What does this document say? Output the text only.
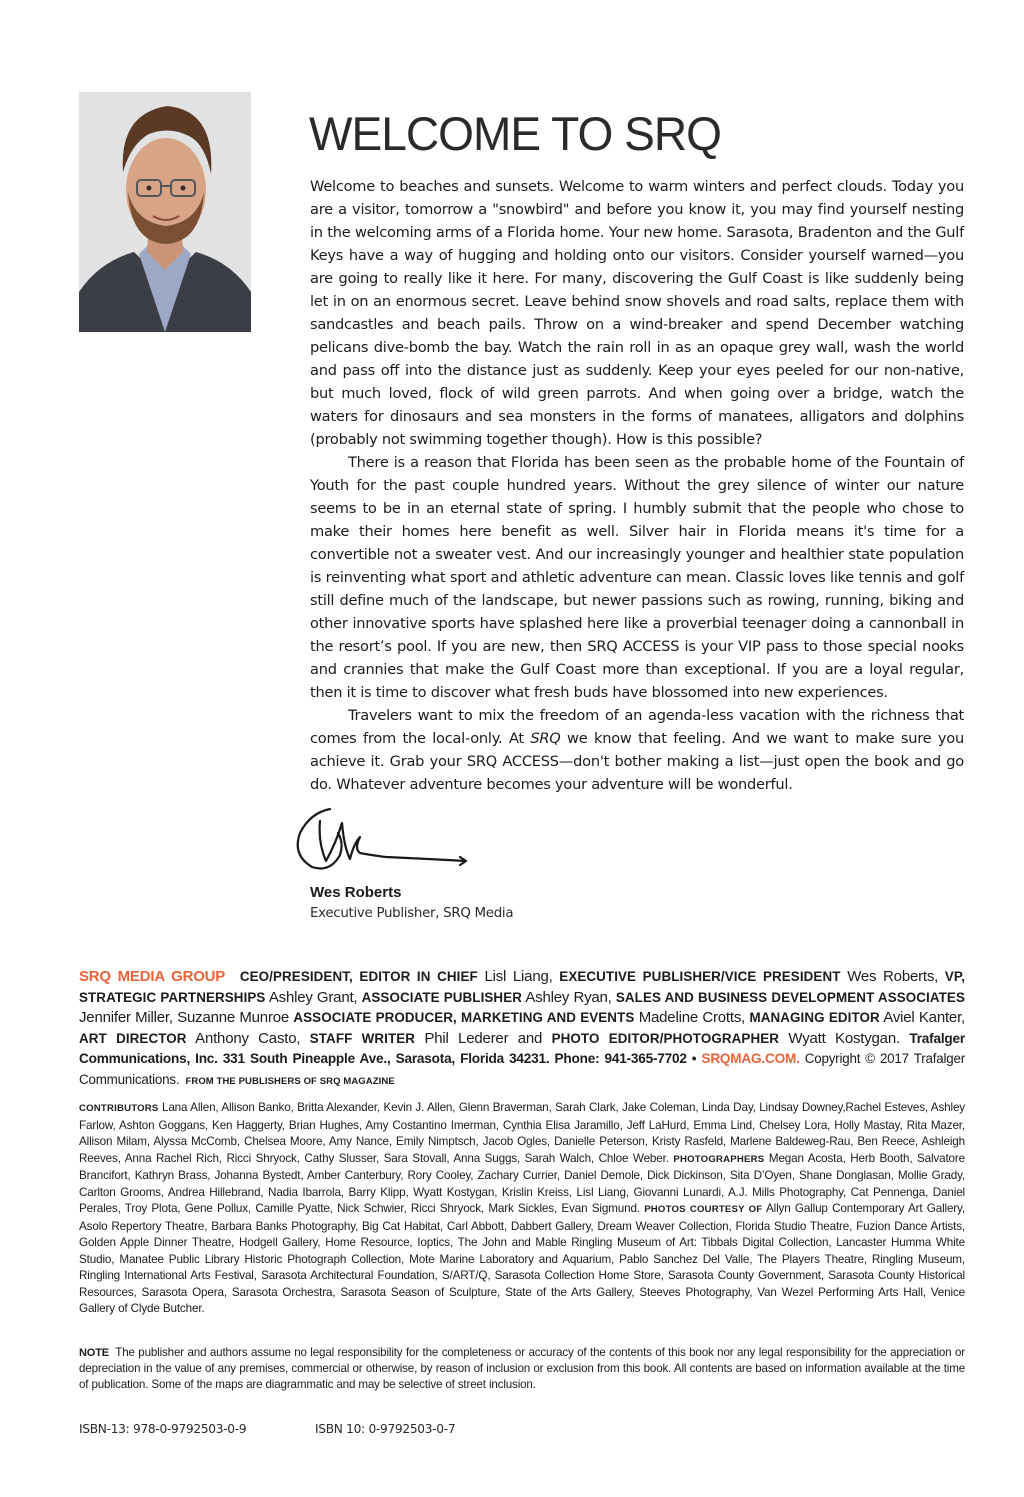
WELCOME TO SRQ

Welcome to beaches and sunsets. Welcome to warm winters and perfect clouds. Today you are a visitor, tomorrow a "snowbird" and before you know it, you may find yourself nesting in the welcoming arms of a Florida home. Your new home. Sarasota, Bradenton and the Gulf Keys have a way of hugging and holding onto our visitors. Consider yourself warned—you are going to really like it here. For many, discovering the Gulf Coast is like suddenly being let in on an enormous secret. Leave behind snow shovels and road salts, replace them with sandcastles and beach pails. Throw on a wind-breaker and spend December watching pelicans dive-bomb the bay. Watch the rain roll in as an opaque grey wall, wash the world and pass off into the distance just as suddenly. Keep your eyes peeled for our non-native, but much loved, flock of wild green parrots. And when going over a bridge, watch the waters for dinosaurs and sea monsters in the forms of manatees, alligators and dolphins (probably not swimming together though). How is this possible?

There is a reason that Florida has been seen as the probable home of the Fountain of Youth for the past couple hundred years. Without the grey silence of winter our nature seems to be in an eternal state of spring. I humbly submit that the people who chose to make their homes here benefit as well. Silver hair in Florida means it's time for a convertible not a sweater vest. And our increasingly younger and healthier state population is reinventing what sport and athletic adventure can mean. Classic loves like tennis and golf still define much of the landscape, but newer passions such as rowing, running, biking and other innovative sports have splashed here like a proverbial teenager doing a cannonball in the resort’s pool. If you are new, then SRQ ACCESS is your VIP pass to those special nooks and crannies that make the Gulf Coast more than exceptional. If you are a loyal regular, then it is time to discover what fresh buds have blossomed into new experiences.

Travelers want to mix the freedom of an agenda-less vacation with the richness that comes from the local-only. At SRQ we know that feeling. And we want to make sure you achieve it. Grab your SRQ ACCESS—don't bother making a list—just open the book and go do. Whatever adventure becomes your adventure will be wonderful.

Wes Roberts
Executive Publisher, SRQ Media
SRQ MEDIA GROUP CEO/PRESIDENT, EDITOR IN CHIEF Lisl Liang, EXECUTIVE PUBLISHER/VICE PRESIDENT Wes Roberts, VP, STRATEGIC PARTNERSHIPS Ashley Grant, ASSOCIATE PUBLISHER Ashley Ryan, SALES AND BUSINESS DEVELOPMENT ASSOCIATES Jennifer Miller, Suzanne Munroe ASSOCIATE PRODUCER, MARKETING AND EVENTS Madeline Crotts, MANAGING EDITOR Aviel Kanter, ART DIRECTOR Anthony Casto, STAFF WRITER Phil Lederer and PHOTO EDITOR/PHOTOGRAPHER Wyatt Kostygan. Trafalger Communications, Inc. 331 South Pineapple Ave., Sarasota, Florida 34231. Phone: 941-365-7702 • SRQMAG.COM. Copyright © 2017 Trafalger Communications. FROM THE PUBLISHERS OF SRQ MAGAZINE
CONTRIBUTORS Lana Allen, Allison Banko, Britta Alexander, Kevin J. Allen, Glenn Braverman, Sarah Clark, Jake Coleman, Linda Day, Lindsay Downey,Rachel Esteves, Ashley Farlow, Ashton Goggans, Ken Haggerty, Brian Hughes, Amy Costantino Imerman, Cynthia Elisa Jaramillo, Jeff LaHurd, Emma Lind, Chelsey Lora, Holly Mastay, Rita Mazer, Allison Milam, Alyssa McComb, Chelsea Moore, Amy Nance, Emily Nimptsch, Jacob Ogles, Danielle Peterson, Kristy Rasfeld, Marlene Baldeweg-Rau, Ben Reece, Ashleigh Reeves, Anna Rachel Rich, Ricci Shryock, Cathy Slusser, Sara Stovall, Anna Suggs, Sarah Walch, Chloe Weber. PHOTOGRAPHERS Megan Acosta, Herb Booth, Salvatore Brancifort, Kathryn Brass, Johanna Bystedt, Amber Canterbury, Rory Cooley, Zachary Currier, Daniel Demole, Dick Dickinson, Sita D’Oyen, Shane Donglasan, Mollie Grady, Carlton Grooms, Andrea Hillebrand, Nadia Ibarrola, Barry Klipp, Wyatt Kostygan, Krislin Kreiss, Lisl Liang, Giovanni Lunardi, A.J. Mills Photography, Cat Pennenga, Daniel Perales, Troy Plota, Gene Pollux, Camille Pyatte, Nick Schwier, Ricci Shryock, Mark Sickles, Evan Sigmund. PHOTOS COURTESY OF Allyn Gallup Contemporary Art Gallery, Asolo Repertory Theatre, Barbara Banks Photography, Big Cat Habitat, Carl Abbott, Dabbert Gallery, Dream Weaver Collection, Florida Studio Theatre, Fuzion Dance Artists, Golden Apple Dinner Theatre, Hodgell Gallery, Home Resource, Ioptics, The John and Mable Ringling Museum of Art: Tibbals Digital Collection, Lancaster Humma White Studio, Manatee Public Library Historic Photograph Collection, Mote Marine Laboratory and Aquarium, Pablo Sanchez Del Valle, The Players Theatre, Ringling Museum, Ringling International Arts Festival, Sarasota Architectural Foundation, S/ART/Q, Sarasota Collection Home Store, Sarasota County Government, Sarasota County Historical Resources, Sarasota Opera, Sarasota Orchestra, Sarasota Season of Sculpture, State of the Arts Gallery, Steeves Photography, Van Wezel Performing Arts Hall, Venice Gallery of Clyde Butcher.
NOTE The publisher and authors assume no legal responsibility for the completeness or accuracy of the contents of this book nor any legal responsibility for the appreciation or depreciation in the value of any premises, commercial or otherwise, by reason of inclusion or exclusion from this book. All contents are based on information available at the time of publication. Some of the maps are diagrammatic and may be selective of street inclusion.
ISBN-13: 978-0-9792503-0-9	ISBN 10: 0-9792503-0-7
